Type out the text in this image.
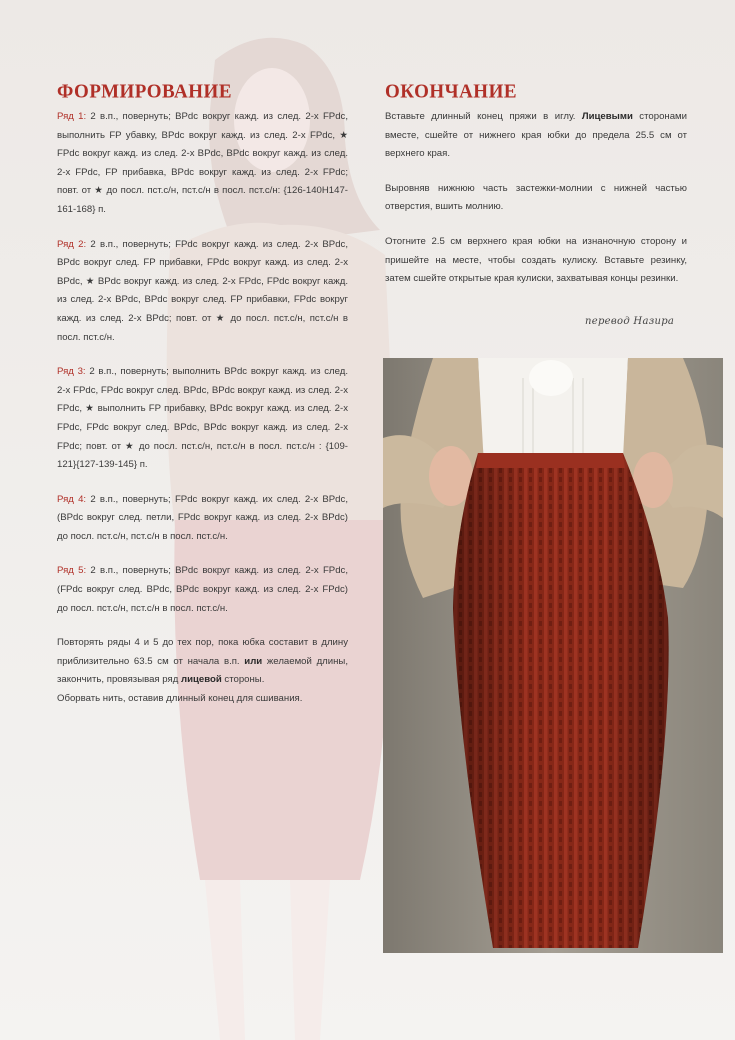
ФОРМИРОВАНИЕ

Ряд 1: 2 в.п., повернуть; BPdc вокруг кажд. из след. 2-х FPdc, выполнить FP убавку, BPdc вокруг кажд. из след. 2-х FPdc, ★ FPdc вокруг кажд. из след. 2-х BPdc, BPdc вокруг кажд. из след. 2-х FPdc, FP прибавка, BPdc вокруг кажд. из след. 2-х FPdc; повт. от ★ до посл. пст.с/н, пст.с/н в посл. пст.с/н: {126-140H147-161-168} п.

Ряд 2: 2 в.п., повернуть; FPdc вокруг кажд. из след. 2-х BPdc, BPdc вокруг след. FP прибавки, FPdc вокруг кажд. из след. 2-х BPdc, ★ BPdc вокруг кажд. из след. 2-х FPdc, FPdc вокруг кажд. из след. 2-х BPdc, BPdc вокруг след. FP прибавки, FPdc вокруг кажд. из след. 2-х BPdc; повт. от ★ до посл. пст.с/н, пст.с/н в посл. пст.с/н.

Ряд 3: 2 в.п., повернуть; выполнить BPdc вокруг кажд. из след. 2-х FPdc, FPdc вокруг след. BPdc, BPdc вокруг кажд. из след. 2-х FPdc, ★ выполнить FP прибавку, BPdc вокруг кажд. из след. 2-х FPdc, FPdc вокруг след. BPdc, BPdc вокруг кажд. из след. 2-х FPdc; повт. от ★ до посл. пст.с/н, пст.с/н в посл. пст.с/н : {109-121}{127-139-145} п.

Ряд 4: 2 в.п., повернуть; FPdc вокруг кажд. их след. 2-х BPdc, (BPdc вокруг след. петли, FPdc вокруг кажд. из след. 2-х BPdc) до посл. пст.с/н, пст.с/н в посл. пст.с/н.

Ряд 5: 2 в.п., повернуть; BPdc вокруг кажд. из след. 2-х FPdc, (FPdc вокруг след. BPdc, BPdc вокруг кажд. из след. 2-х FPdc) до посл. пст.с/н, пст.с/н в посл. пст.с/н.

Повторять ряды 4 и 5 до тех пор, пока юбка составит в длину приблизительно 63.5 см от начала в.п. или желаемой длины, закончить, провязывая ряд лицевой стороны.

Оборвать нить, оставив длинный конец для сшивания.

ОКОНЧАНИЕ

Вставьте длинный конец пряжи в иглу. Лицевыми сторонами вместе, сшейте от нижнего края юбки до предела 25.5 см от верхнего края.

Выровняв нижнюю часть застежки-молнии с нижней частью отверстия, вшить молнию.

Отогните 2.5 см верхнего края юбки на изнаночную сторону и пришейте на месте, чтобы создать кулиску. Вставьте резинку, затем сшейте открытые края кулиски, захватывая концы резинки.

перевод Назира
